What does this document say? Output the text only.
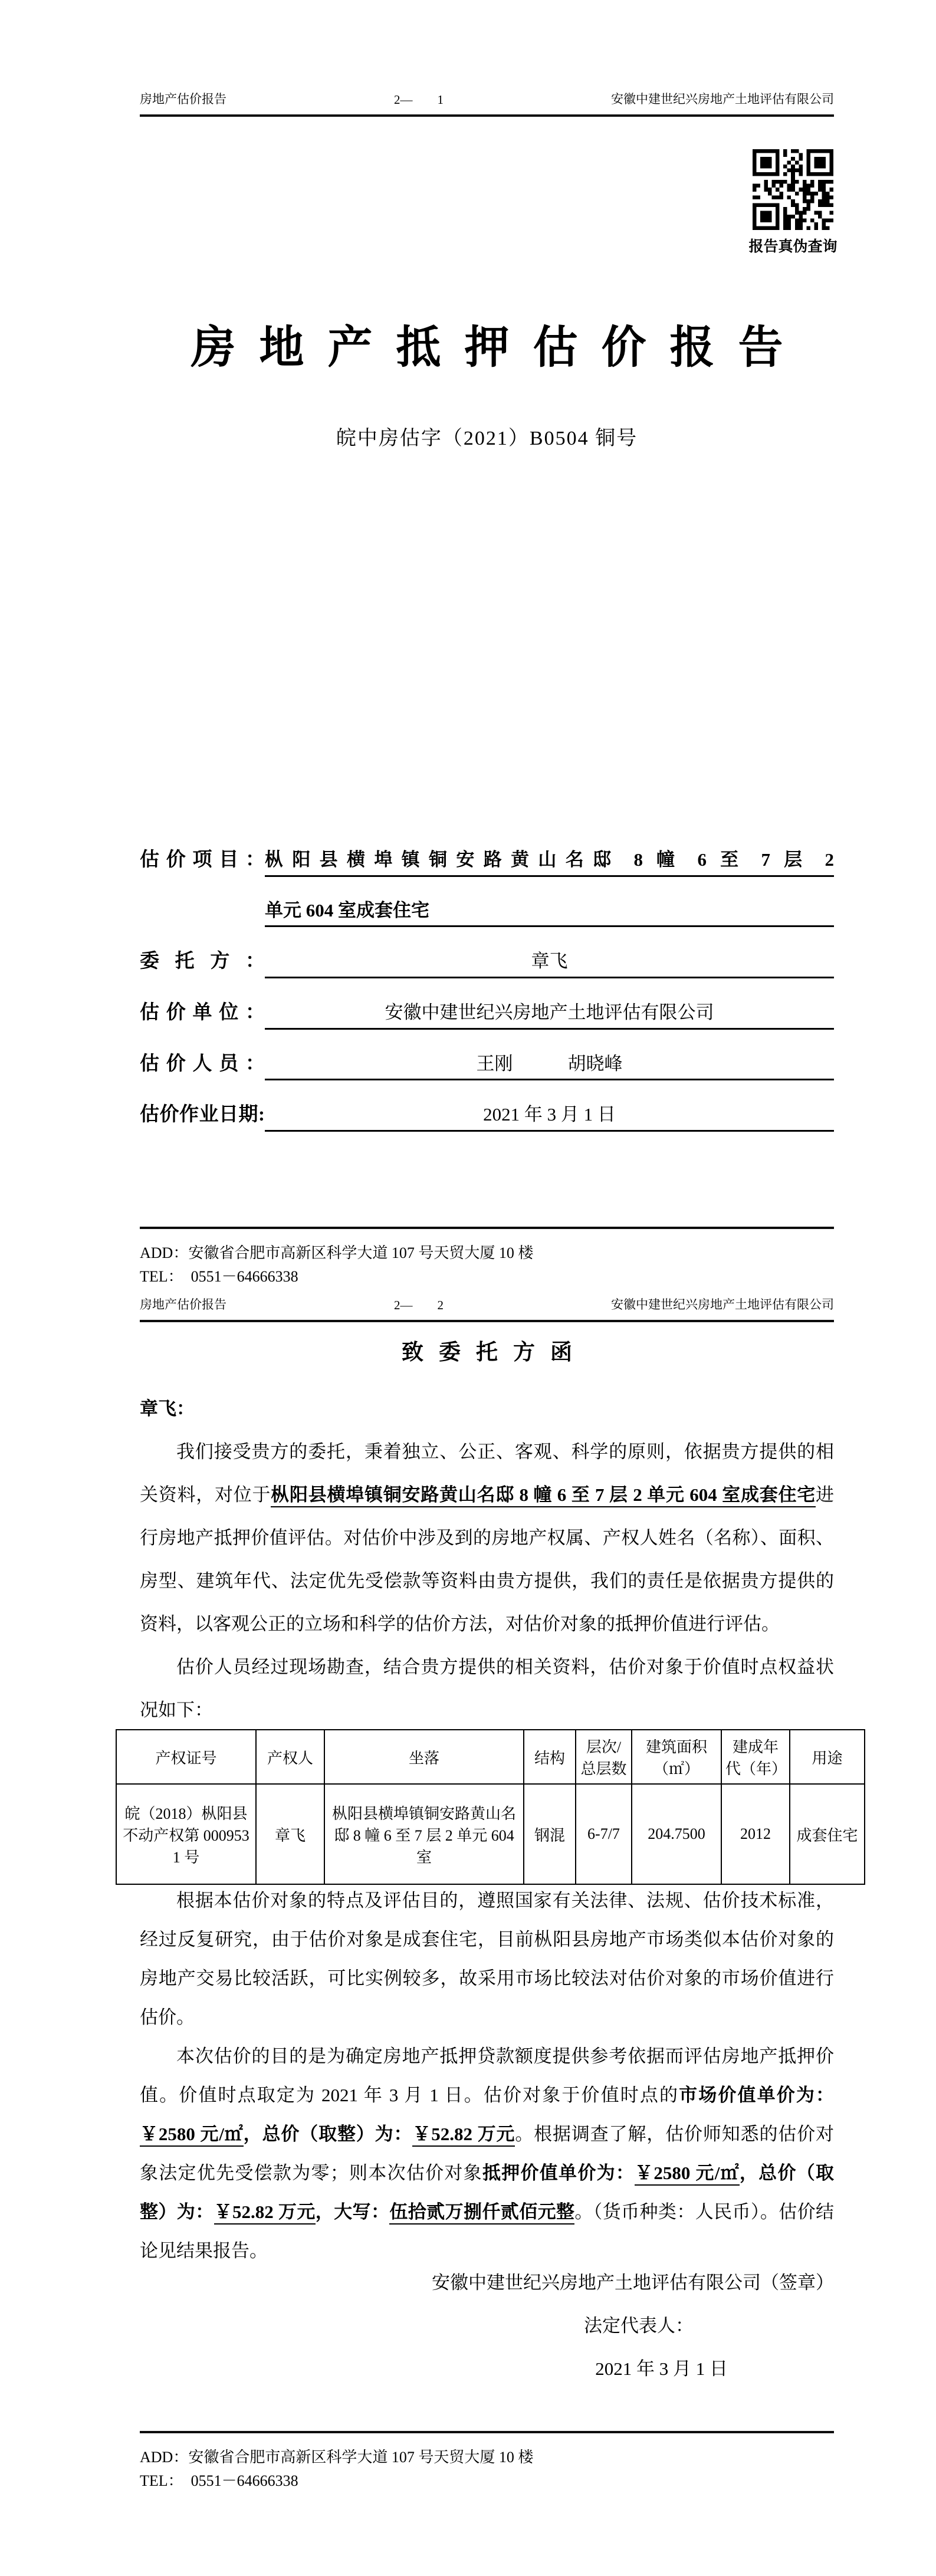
房地产估价报告	2—        1	安徽中建世纪兴房地产土地评估有限公司
报告真伪查询
房地产抵押估价报告
皖中房估字（2021）B0504 铜号
估价项目： 枞阳县横埠镇铜安路黄山名邸 8 幢 6 至 7 层 2
单元 604 室成套住宅
委托方：	章飞
估价单位：	安徽中建世纪兴房地产土地评估有限公司
估价人员：	王刚　　　胡晓峰
估价作业日期:	2021 年 3 月 1 日
ADD：安徽省合肥市高新区科学大道 107 号天贸大厦 10 楼
TEL：  0551－64666338
房地产估价报告	2—        2	安徽中建世纪兴房地产土地评估有限公司
致委托方函

章飞：

我们接受贵方的委托，秉着独立、公正、客观、科学的原则，依据贵方提供的相关资料，对位于枞阳县横埠镇铜安路黄山名邸 8 幢 6 至 7 层 2 单元 604 室成套住宅进行房地产抵押价值评估。对估价中涉及到的房地产权属、产权人姓名（名称）、面积、房型、建筑年代、法定优先受偿款等资料由贵方提供，我们的责任是依据贵方提供的资料，以客观公正的立场和科学的估价方法，对估价对象的抵押价值进行评估。

估价人员经过现场勘查，结合贵方提供的相关资料，估价对象于价值时点权益状况如下：

产权证号	产权人	坐落	结构	层次/总层数	建筑面积（㎡）	建成年代（年）	用途
皖（2018）枞阳县不动产权第 0009531 号	章飞	枞阳县横埠镇铜安路黄山名邸 8 幢 6 至 7 层 2 单元 604 室	钢混	6-7/7	204.7500	2012	成套住宅

根据本估价对象的特点及评估目的，遵照国家有关法律、法规、估价技术标准，经过反复研究，由于估价对象是成套住宅，目前枞阳县房地产市场类似本估价对象的房地产交易比较活跃，可比实例较多，故采用市场比较法对估价对象的市场价值进行估价。

本次估价的目的是为确定房地产抵押贷款额度提供参考依据而评估房地产抵押价值。价值时点取定为 2021 年 3 月 1 日。估价对象于价值时点的市场价值单价为：￥2580 元/㎡，总价（取整）为：￥52.82 万元。根据调查了解，估价师知悉的估价对象法定优先受偿款为零；则本次估价对象抵押价值单价为：￥2580 元/㎡，总价（取整）为：￥52.82 万元，大写：伍拾贰万捌仟贰佰元整。（货币种类：人民币）。估价结论见结果报告。

安徽中建世纪兴房地产土地评估有限公司（签章）
法定代表人：
2021 年 3 月 1 日
ADD：安徽省合肥市高新区科学大道 107 号天贸大厦 10 楼
TEL：  0551－64666338
